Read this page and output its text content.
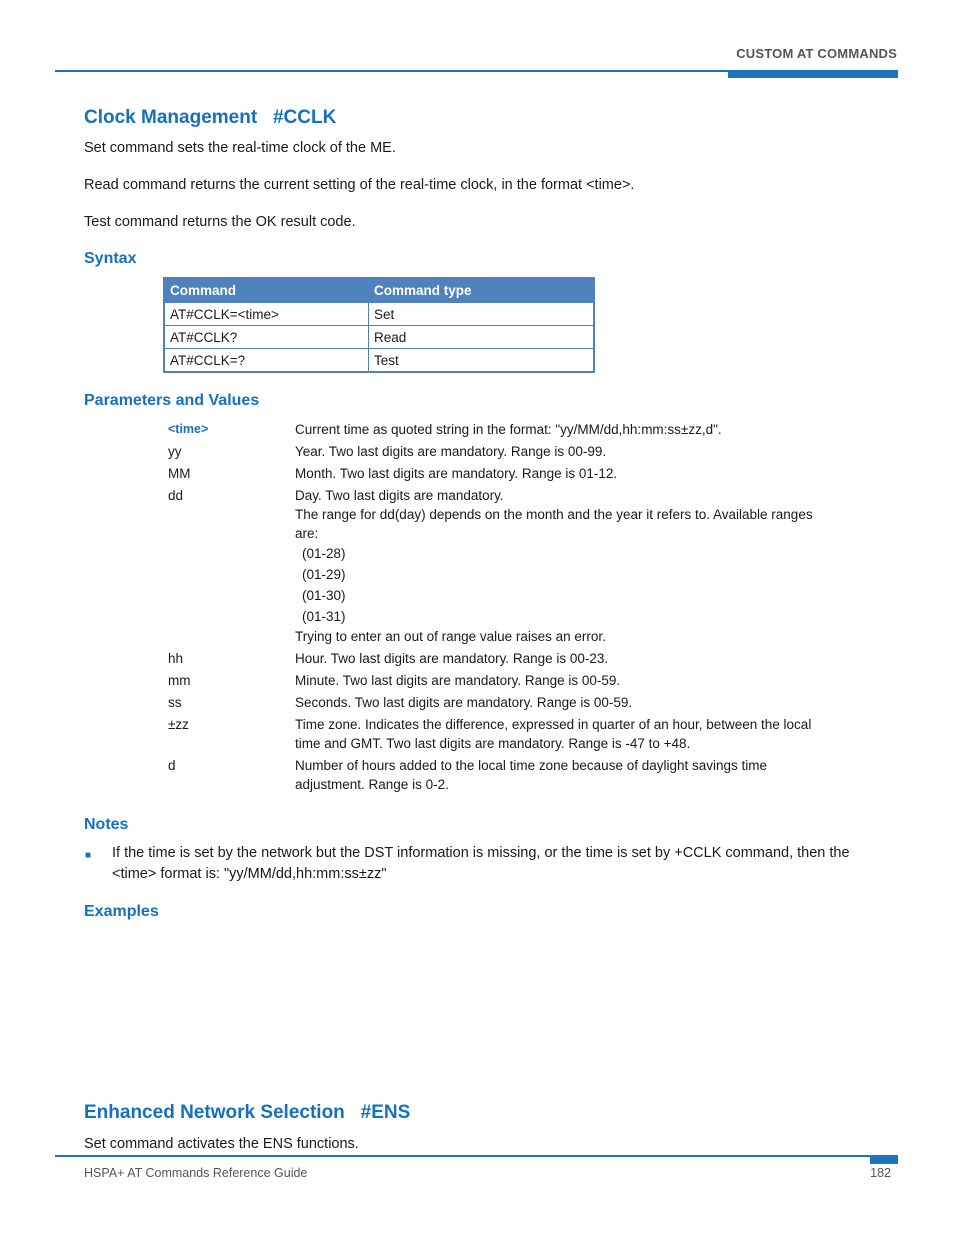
CUSTOM AT COMMANDS
Clock Management   #CCLK
Set command sets the real-time clock of the ME.
Read command returns the current setting of the real-time clock, in the format <time>.
Test command returns the OK result code.
Syntax
Command	Command type
AT#CCLK=<time>	Set
AT#CCLK?	Read
AT#CCLK=?	Test
Parameters and Values
<time>	Current time as quoted string in the format: "yy/MM/dd,hh:mm:ss±zz,d".
yy	Year. Two last digits are mandatory. Range is 00-99.
MM	Month. Two last digits are mandatory. Range is 01-12.
dd	Day. Two last digits are mandatory.
The range for dd(day) depends on the month and the year it refers to. Available ranges are:
(01-28)
(01-29)
(01-30)
(01-31)
Trying to enter an out of range value raises an error.
hh	Hour. Two last digits are mandatory. Range is 00-23.
mm	Minute. Two last digits are mandatory. Range is 00-59.
ss	Seconds. Two last digits are mandatory. Range is 00-59.
±zz	Time zone. Indicates the difference, expressed in quarter of an hour, between the local time and GMT. Two last digits are mandatory. Range is -47 to +48.
d	Number of hours added to the local time zone because of daylight savings time adjustment. Range is 0-2.
Notes
■ If the time is set by the network but the DST information is missing, or the time is set by +CCLK command, then the <time> format is: "yy/MM/dd,hh:mm:ss±zz"
Examples
Enhanced Network Selection   #ENS
Set command activates the ENS functions.
HSPA+ AT Commands Reference Guide	182
